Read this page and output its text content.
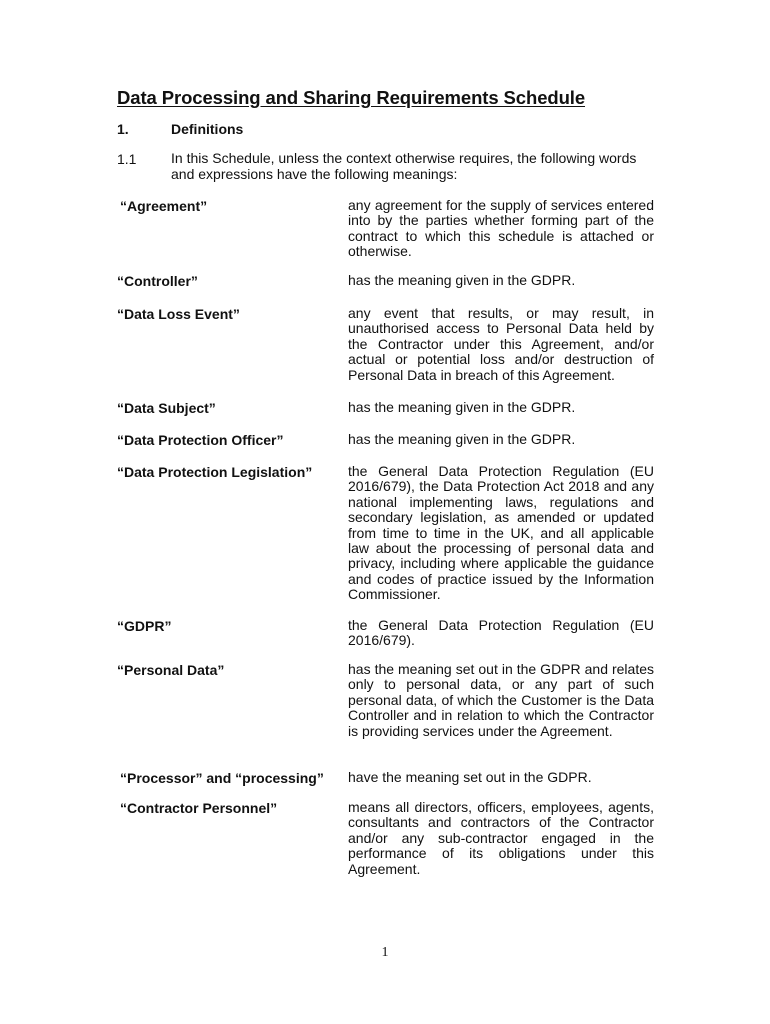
Data Processing and Sharing Requirements Schedule
1.	Definitions
1.1 In this Schedule, unless the context otherwise requires, the following words and expressions have the following meanings:
“Agreement”	any agreement for the supply of services entered into by the parties whether forming part of the contract to which this schedule is attached or otherwise.
“Controller”	has the meaning given in the GDPR.
“Data Loss Event”	any event that results, or may result, in unauthorised access to Personal Data held by the Contractor under this Agreement, and/or actual or potential loss and/or destruction of Personal Data in breach of this Agreement.
“Data Subject”	has the meaning given in the GDPR.
“Data Protection Officer”	has the meaning given in the GDPR.
“Data Protection Legislation”	the General Data Protection Regulation (EU 2016/679), the Data Protection Act 2018 and any national implementing laws, regulations and secondary legislation, as amended or updated from time to time in the UK, and all applicable law about the processing of personal data and privacy, including where applicable the guidance and codes of practice issued by the Information Commissioner.
“GDPR”	the General Data Protection Regulation (EU 2016/679).
“Personal Data”	has the meaning set out in the GDPR and relates only to personal data, or any part of such personal data, of which the Customer is the Data Controller and in relation to which the Contractor is providing services under the Agreement.
“Processor” and “processing” have the meaning set out in the GDPR.
“Contractor Personnel”	means all directors, officers, employees, agents, consultants and contractors of the Contractor and/or any sub-contractor engaged in the performance of its obligations under this Agreement.
1
